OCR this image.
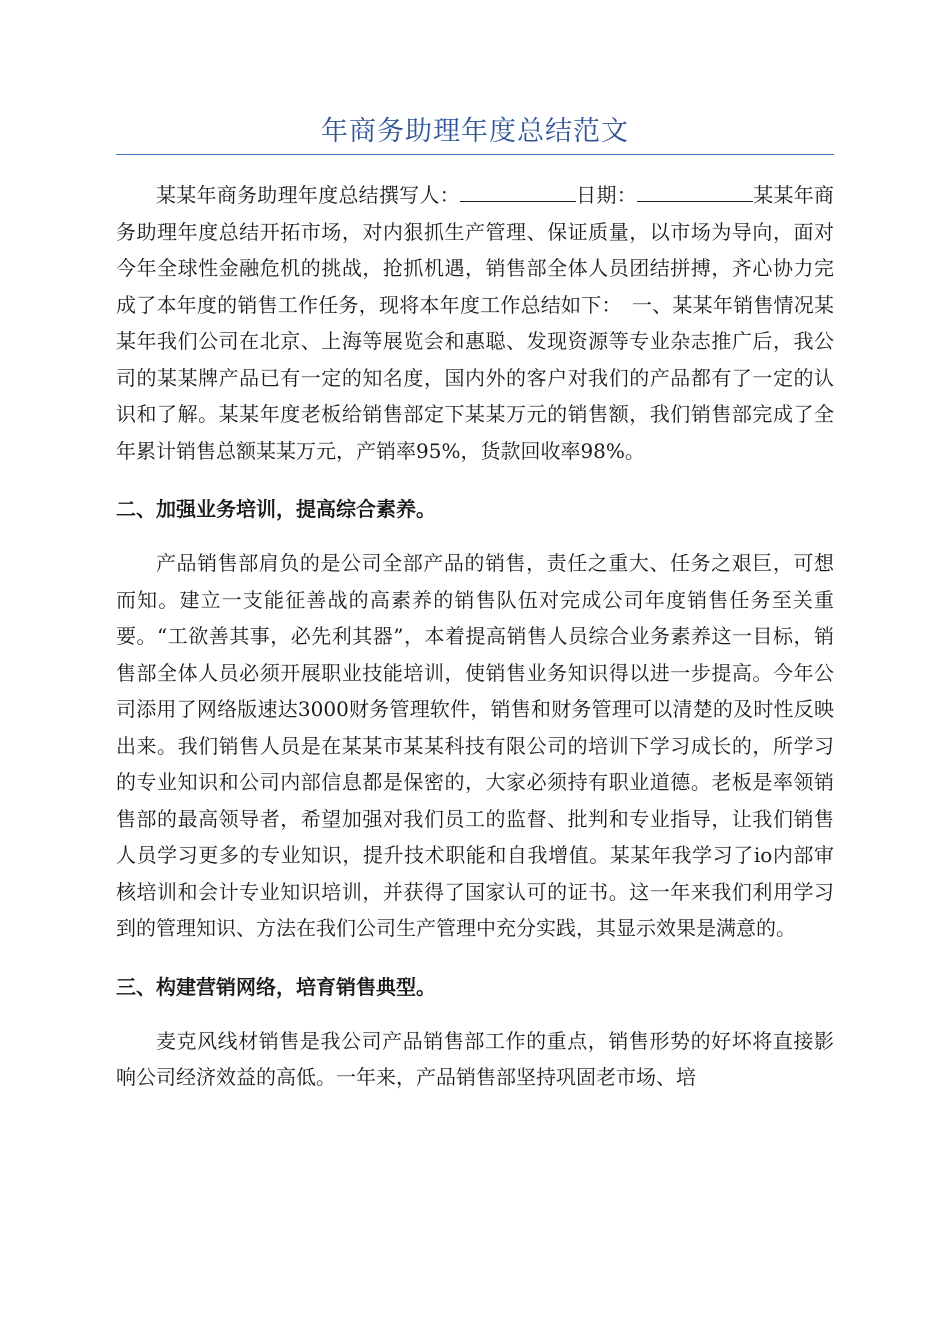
年商务助理年度总结范文

某某年商务助理年度总结撰写人：	日期：	某某年商务助理年度总结开拓市场，对内狠抓生产管理、保证质量，以市场为导向，面对今年全球性金融危机的挑战，抢抓机遇，销售部全体人员团结拼搏，齐心协力完成了本年度的销售工作任务，现将本年度工作总结如下：　一、某某年销售情况某某年我们公司在北京、上海等展览会和惠聪、发现资源等专业杂志推广后，我公司的某某牌产品已有一定的知名度，国内外的客户对我们的产品都有了一定的认识和了解。某某年度老板给销售部定下某某万元的销售额，我们销售部完成了全年累计销售总额某某万元，产销率95%，货款回收率98%。

二、加强业务培训，提高综合素养。

产品销售部肩负的是公司全部产品的销售，责任之重大、任务之艰巨，可想而知。建立一支能征善战的高素养的销售队伍对完成公司年度销售任务至关重要。“工欲善其事，必先利其器”，本着提高销售人员综合业务素养这一目标，销售部全体人员必须开展职业技能培训，使销售业务知识得以进一步提高。今年公司添用了网络版速达3000财务管理软件，销售和财务管理可以清楚的及时性反映出来。我们销售人员是在某某市某某科技有限公司的培训下学习成长的，所学习的专业知识和公司内部信息都是保密的，大家必须持有职业道德。老板是率领销售部的最高领导者，希望加强对我们员工的监督、批判和专业指导，让我们销售人员学习更多的专业知识，提升技术职能和自我增值。某某年我学习了io内部审核培训和会计专业知识培训，并获得了国家认可的证书。这一年来我们利用学习到的管理知识、方法在我们公司生产管理中充分实践，其显示效果是满意的。

三、构建营销网络，培育销售典型。

麦克风线材销售是我公司产品销售部工作的重点，销售形势的好坏将直接影响公司经济效益的高低。一年来，产品销售部坚持巩固老市场、培
